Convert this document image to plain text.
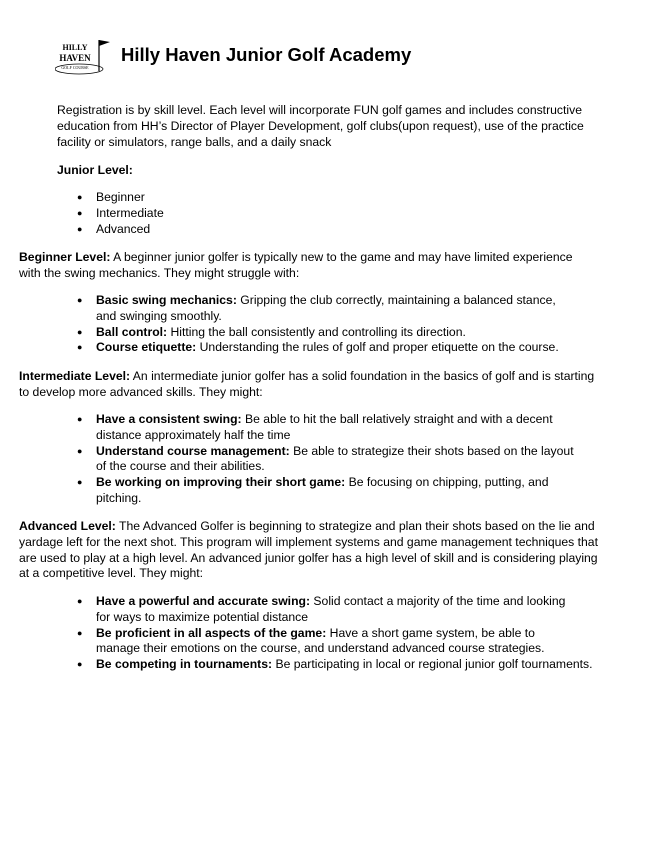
HILLY
HAVEN
GOLF COURSE
Hilly Haven Junior Golf Academy

Registration is by skill level. Each level will incorporate FUN golf games and includes constructive education from HH’s Director of Player Development, golf clubs(upon request), use of the practice facility or simulators, range balls, and a daily snack

Junior Level:

● Beginner
● Intermediate
● Advanced

Beginner Level: A beginner junior golfer is typically new to the game and may have limited experience with the swing mechanics. They might struggle with:

● Basic swing mechanics: Gripping the club correctly, maintaining a balanced stance, and swinging smoothly.
● Ball control: Hitting the ball consistently and controlling its direction.
● Course etiquette: Understanding the rules of golf and proper etiquette on the course.

Intermediate Level: An intermediate junior golfer has a solid foundation in the basics of golf and is starting to develop more advanced skills. They might:

● Have a consistent swing: Be able to hit the ball relatively straight and with a decent distance approximately half the time
● Understand course management: Be able to strategize their shots based on the layout of the course and their abilities.
● Be working on improving their short game: Be focusing on chipping, putting, and pitching.

Advanced Level: The Advanced Golfer is beginning to strategize and plan their shots based on the lie and yardage left for the next shot. This program will implement systems and game management techniques that are used to play at a high level. An advanced junior golfer has a high level of skill and is considering playing at a competitive level. They might:

● Have a powerful and accurate swing: Solid contact a majority of the time and looking for ways to maximize potential distance
● Be proficient in all aspects of the game: Have a short game system, be able to manage their emotions on the course, and understand advanced course strategies.
● Be competing in tournaments: Be participating in local or regional junior golf tournaments.
